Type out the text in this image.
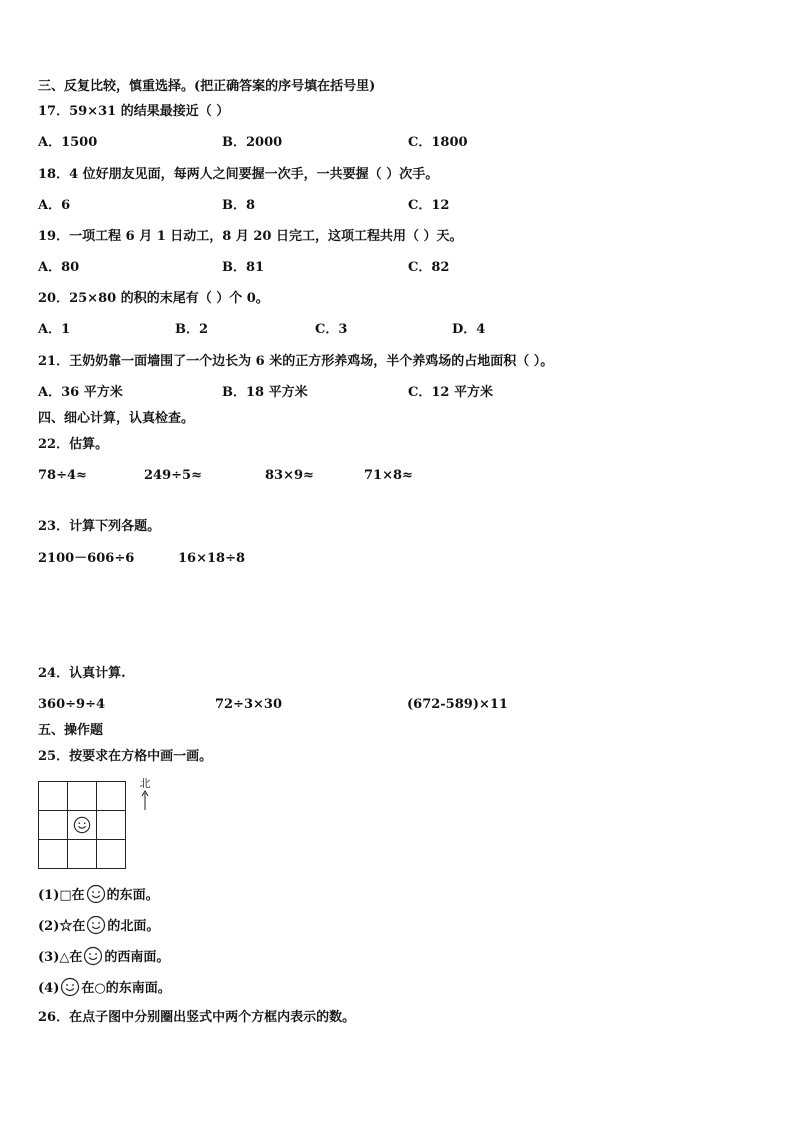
三、反复比较，慎重选择。(把正确答案的序号填在括号里)
17．59×31 的结果最接近（ ）
A．1500	B．2000	C．1800
18．4 位好朋友见面，每两人之间要握一次手，一共要握（ ）次手。
A．6	B．8	C．12
19．一项工程 6 月 1 日动工，8 月 20 日完工，这项工程共用（ ）天。
A．80	B．81	C．82
20．25×80 的积的末尾有（ ）个 0。
A．1	B．2	C．3	D．4
21．王奶奶靠一面墙围了一个边长为 6 米的正方形养鸡场，半个养鸡场的占地面积（ ）。
A．36 平方米	B．18 平方米	C．12 平方米
四、细心计算，认真检查。
22．估算。
78÷4≈	249÷5≈	83×9≈	71×8≈
23．计算下列各题。
2100－606÷6	16×18÷8
24．认真计算.
360÷9÷4	72÷3×30	(672-589)×11
五、操作题
25．按要求在方格中画一画。

北
(1)□在 的东面。
(2)☆在 的北面。
(3)△在 的西南面。
(4) 在○的东南面。
26．在点子图中分别圈出竖式中两个方框内表示的数。
